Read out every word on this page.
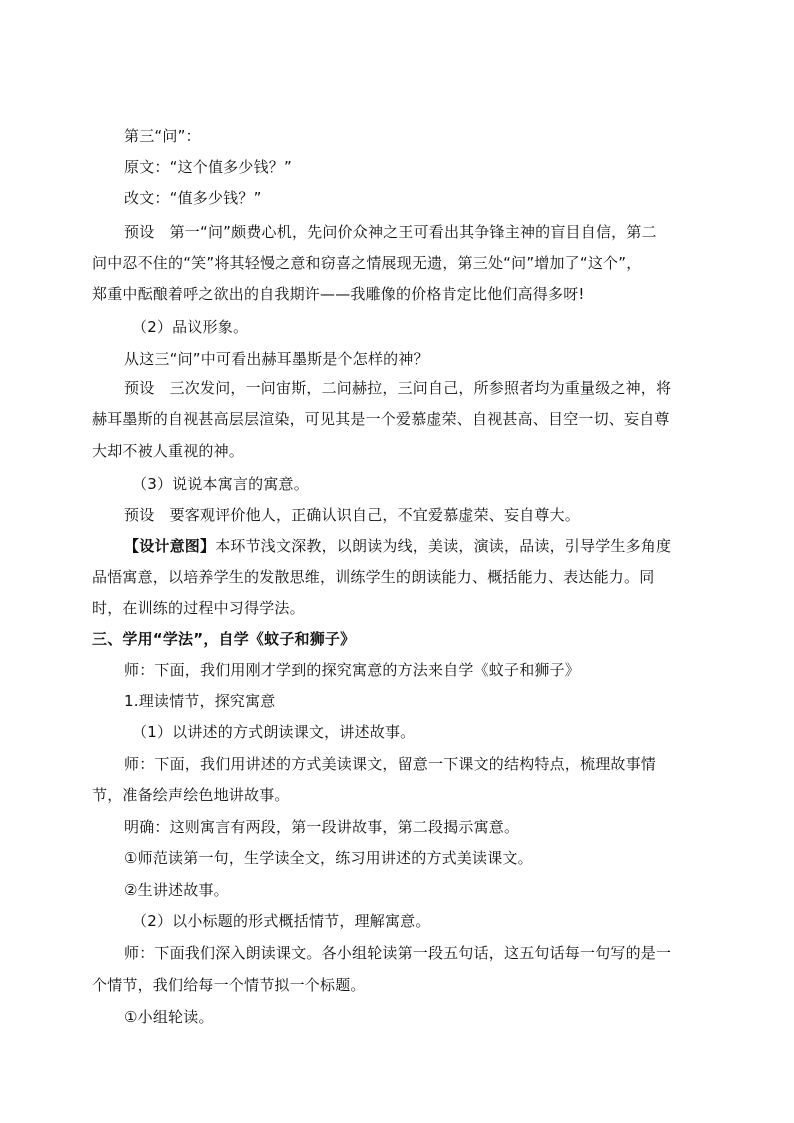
第三“问”：
原文：“这个值多少钱？”
改文：“值多少钱？”
预设　第一“问”颇费心机，先问价众神之王可看出其争锋主神的盲目自信，第二
问中忍不住的“笑”将其轻慢之意和窃喜之情展现无遗，第三处“问”增加了“这个”，
郑重中酝酿着呼之欲出的自我期许——我雕像的价格肯定比他们高得多呀!
（2）品议形象。
从这三“问”中可看出赫耳墨斯是个怎样的神？
预设　三次发问，一问宙斯，二问赫拉，三问自己，所参照者均为重量级之神，将
赫耳墨斯的自视甚高层层渲染，可见其是一个爱慕虚荣、自视甚高、目空一切、妄自尊
大却不被人重视的神。
（3）说说本寓言的寓意。
预设　要客观评价他人，正确认识自己，不宜爱慕虚荣、妄自尊大。
【设计意图】本环节浅文深教，以朗读为线，美读，演读，品读，引导学生多角度
品悟寓意，以培养学生的发散思维，训练学生的朗读能力、概括能力、表达能力。同
时，在训练的过程中习得学法。
三、学用“学法”，自学《蚊子和狮子》
师：下面，我们用刚才学到的探究寓意的方法来自学《蚊子和狮子》
1.理读情节，探究寓意
（1）以讲述的方式朗读课文，讲述故事。
师：下面，我们用讲述的方式美读课文，留意一下课文的结构特点，梳理故事情
节，准备绘声绘色地讲故事。
明确：这则寓言有两段，第一段讲故事，第二段揭示寓意。
①师范读第一句，生学读全文，练习用讲述的方式美读课文。
②生讲述故事。
（2）以小标题的形式概括情节，理解寓意。
师：下面我们深入朗读课文。各小组轮读第一段五句话，这五句话每一句写的是一
个情节，我们给每一个情节拟一个标题。
①小组轮读。
